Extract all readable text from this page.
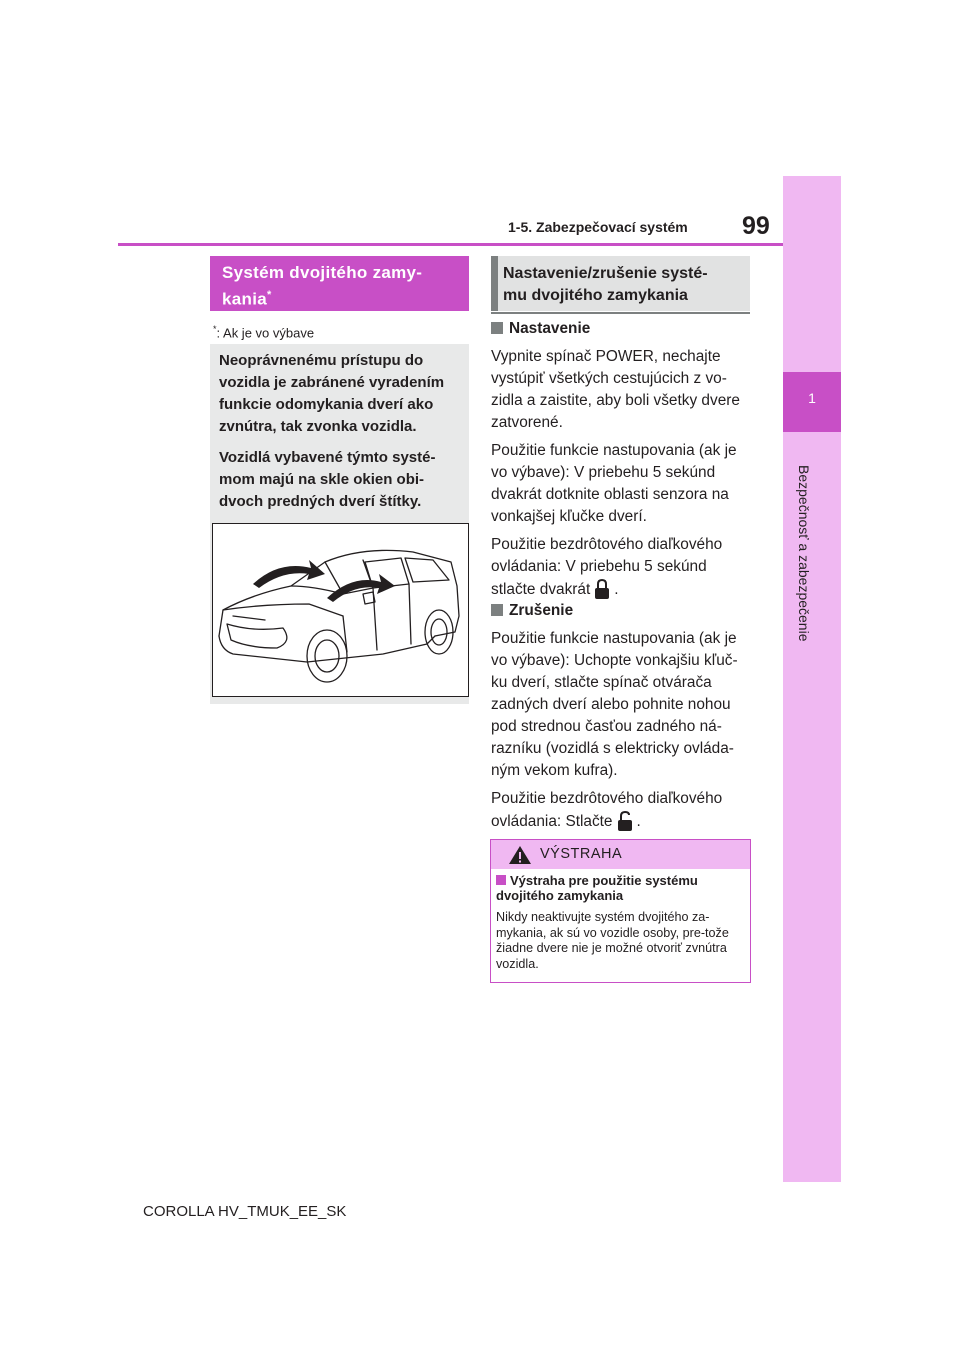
1
Bezpečnosť a zabezpečenie
1-5. Zabezpečovací systém 99
Systém dvojitého zamy-
kania*
*: Ak je vo výbave

Neoprávnenému prístupu do vozidla je zabránené vyradením funkcie odomykania dverí ako zvnútra, tak zvonka vozidla.

Vozidlá vybavené týmto systé-mom majú na skle okien obi-dvoch predných dverí štítky.

Nastavenie/zrušenie systé-
mu dvojitého zamykania

Nastavenie

Vypnite spínač POWER, nechajte vystúpiť všetkých cestujúcich z vo-zidla a zaistite, aby boli všetky dvere zatvorené.

Použitie funkcie nastupovania (ak je vo výbave): V priebehu 5 sekúnd dvakrát dotknite oblasti senzora na vonkajšej kľučke dverí.

Použitie bezdrôtového diaľkového ovládania: V priebehu 5 sekúnd stlačte dvakrát .

Zrušenie

Použitie funkcie nastupovania (ak je vo výbave): Uchopte vonkajšiu kľuč-ku dverí, stlačte spínač otvárača zadných dverí alebo pohnite nohou pod strednou časťou zadného ná-razníku (vozidlá s elektricky ovláda-ným vekom kufra).

Použitie bezdrôtového diaľkového ovládania: Stlačte .

VÝSTRAHA
Výstraha pre použitie systému dvojitého zamykania
Nikdy neaktivujte systém dvojitého za-mykania, ak sú vo vozidle osoby, pre-tože žiadne dvere nie je možné otvoriť zvnútra vozidla.
COROLLA HV_TMUK_EE_SK
